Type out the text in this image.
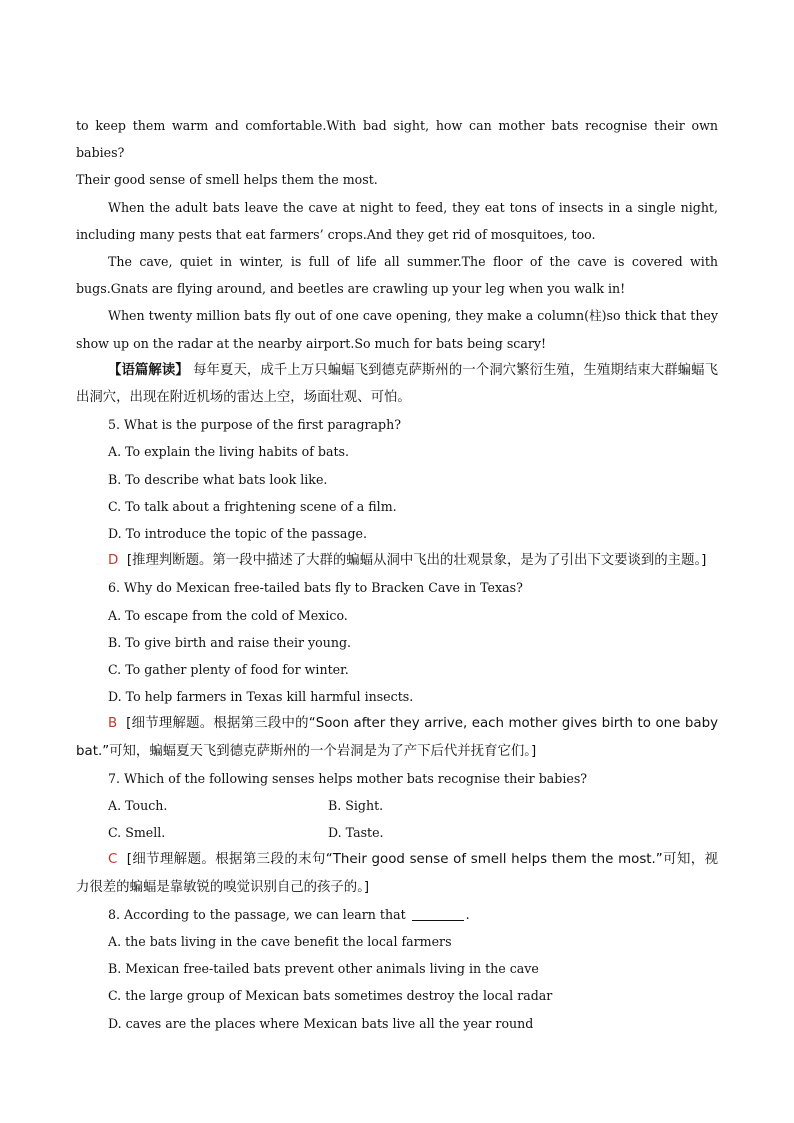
to keep them warm and comfortable.With bad sight, how can mother bats recognise their own babies?
Their good sense of smell helps them the most.

When the adult bats leave the cave at night to feed, they eat tons of insects in a single night, including many pests that eat farmers’ crops.And they get rid of mosquitoes, too.

The cave, quiet in winter, is full of life all summer.The floor of the cave is covered with bugs.Gnats are flying around, and beetles are crawling up your leg when you walk in!

When twenty million bats fly out of one cave opening, they make a column(柱)so thick that they show up on the radar at the nearby airport.So much for bats being scary!

【语篇解读】 每年夏天，成千上万只蝙蝠飞到德克萨斯州的一个洞穴繁衍生殖，生殖期结束大群蝙蝠飞出洞穴，出现在附近机场的雷达上空，场面壮观、可怕。

5. What is the purpose of the first paragraph?

A. To explain the living habits of bats.

B. To describe what bats look like.

C. To talk about a frightening scene of a film.

D. To introduce the topic of the passage.

D [推理判断题。第一段中描述了大群的蝙蝠从洞中飞出的壮观景象，是为了引出下文要谈到的主题。]

6. Why do Mexican free-tailed bats fly to Bracken Cave in Texas?

A. To escape from the cold of Mexico.

B. To give birth and raise their young.

C. To gather plenty of food for winter.

D. To help farmers in Texas kill harmful insects.

B [细节理解题。根据第三段中的“Soon after they arrive, each mother gives birth to one baby bat.”可知，蝙蝠夏天飞到德克萨斯州的一个岩洞是为了产下后代并抚育它们。]

7. Which of the following senses helps mother bats recognise their babies?

A. Touch.	B. Sight.
C. Smell.	D. Taste.

C [细节理解题。根据第三段的末句“Their good sense of smell helps them the most.”可知，视力很差的蝙蝠是靠敏锐的嗅觉识别自己的孩子的。]

8. According to the passage, we can learn that	.

A. the bats living in the cave benefit the local farmers

B. Mexican free-tailed bats prevent other animals living in the cave

C. the large group of Mexican bats sometimes destroy the local radar

D. caves are the places where Mexican bats live all the year round
